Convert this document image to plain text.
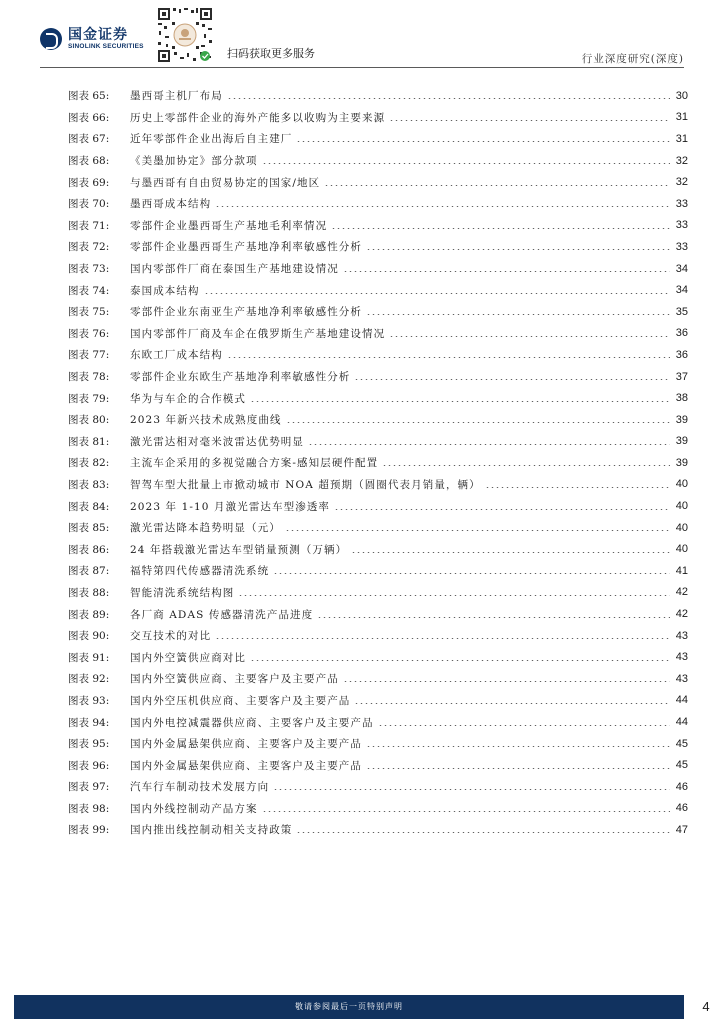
国金证券
SINOLINK SECURITIES
扫码获取更多服务	行业深度研究(深度)
图表 65:	墨西哥主机厂布局	30
图表 66:	历史上零部件企业的海外产能多以收购为主要来源	31
图表 67:	近年零部件企业出海后自主建厂	31
图表 68:	《美墨加协定》部分款项	32
图表 69:	与墨西哥有自由贸易协定的国家/地区	32
图表 70:	墨西哥成本结构	33
图表 71:	零部件企业墨西哥生产基地毛利率情况	33
图表 72:	零部件企业墨西哥生产基地净利率敏感性分析	33
图表 73:	国内零部件厂商在泰国生产基地建设情况	34
图表 74:	泰国成本结构	34
图表 75:	零部件企业东南亚生产基地净利率敏感性分析	35
图表 76:	国内零部件厂商及车企在俄罗斯生产基地建设情况	36
图表 77:	东欧工厂成本结构	36
图表 78:	零部件企业东欧生产基地净利率敏感性分析	37
图表 79:	华为与车企的合作模式	38
图表 80:	2023 年新兴技术成熟度曲线	39
图表 81:	激光雷达相对毫米波雷达优势明显	39
图表 82:	主流车企采用的多视觉融合方案-感知层硬件配置	39
图表 83:	智驾车型大批量上市掀动城市 NOA 超预期（圆圈代表月销量，辆）	40
图表 84:	2023 年 1-10 月激光雷达车型渗透率	40
图表 85:	激光雷达降本趋势明显（元）	40
图表 86:	24 年搭载激光雷达车型销量预测（万辆）	40
图表 87:	福特第四代传感器清洗系统	41
图表 88:	智能清洗系统结构图	42
图表 89:	各厂商 ADAS 传感器清洗产品进度	42
图表 90:	交互技术的对比	43
图表 91:	国内外空簧供应商对比	43
图表 92:	国内外空簧供应商、主要客户及主要产品	43
图表 93:	国内外空压机供应商、主要客户及主要产品	44
图表 94:	国内外电控减震器供应商、主要客户及主要产品	44
图表 95:	国内外金属悬架供应商、主要客户及主要产品	45
图表 96:	国内外金属悬架供应商、主要客户及主要产品	45
图表 97:	汽车行车制动技术发展方向	46
图表 98:	国内外线控制动产品方案	46
图表 99:	国内推出线控制动相关支持政策	47
敬请参阅最后一页特别声明	4
